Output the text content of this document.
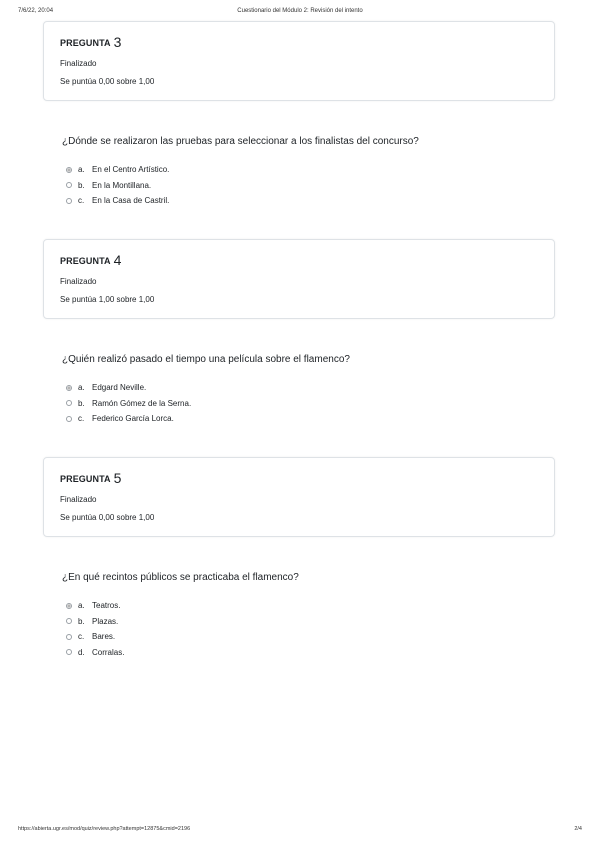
7/6/22, 20:04	Cuestionario del Módulo 2: Revisión del intento
PREGUNTA 3
Finalizado
Se puntúa 0,00 sobre 1,00
¿Dónde se realizaron las pruebas para seleccionar a los finalistas del concurso?
a. En el Centro Artístico.
b. En la Montillana.
c. En la Casa de Castril.
PREGUNTA 4
Finalizado
Se puntúa 1,00 sobre 1,00
¿Quién realizó pasado el tiempo una película sobre el flamenco?
a. Edgard Neville.
b. Ramón Gómez de la Serna.
c. Federico García Lorca.
PREGUNTA 5
Finalizado
Se puntúa 0,00 sobre 1,00
¿En qué recintos públicos se practicaba el flamenco?
a. Teatros.
b. Plazas.
c. Bares.
d. Corralas.
https://abierta.ugr.es/mod/quiz/review.php?attempt=12875&cmid=2196	2/4
